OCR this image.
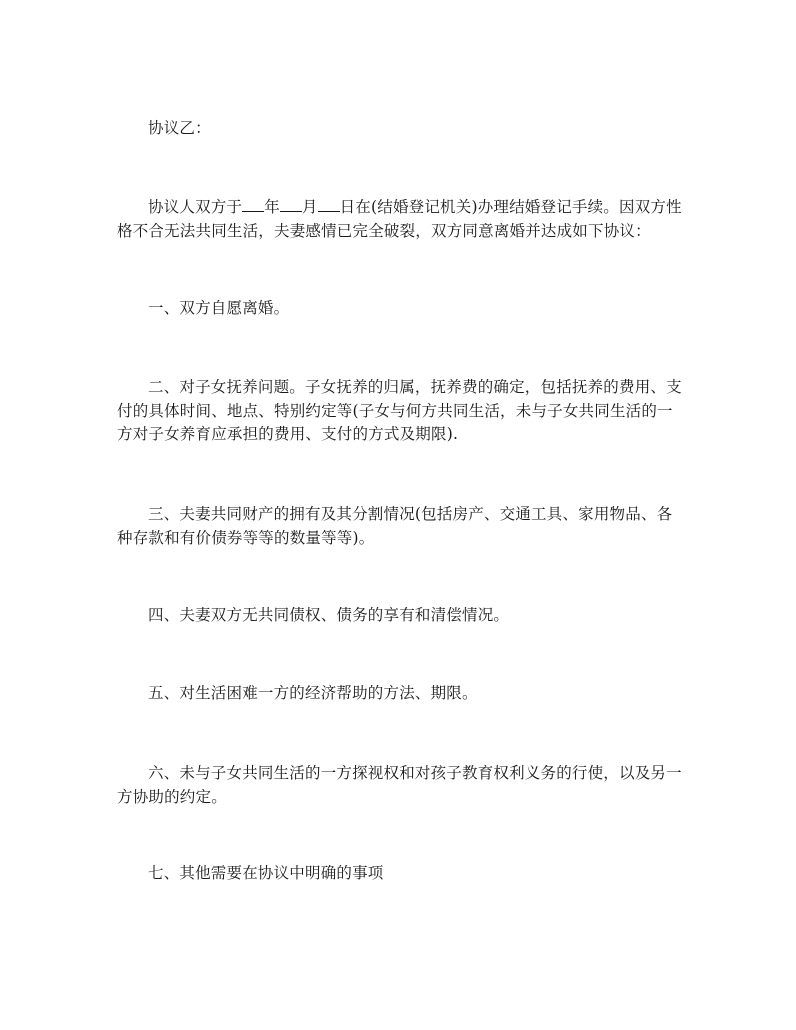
协议乙：

协议人双方于 年 月 日在(结婚登记机关)办理结婚登记手续。因双方性格不合无法共同生活，夫妻感情已完全破裂，双方同意离婚并达成如下协议：

一、双方自愿离婚。

二、对子女抚养问题。子女抚养的归属，抚养费的确定，包括抚养的费用、支付的具体时间、地点、特别约定等(子女与何方共同生活，未与子女共同生活的一方对子女养育应承担的费用、支付的方式及期限).

三、夫妻共同财产的拥有及其分割情况(包括房产、交通工具、家用物品、各种存款和有价债券等等的数量等等)。

四、夫妻双方无共同债权、债务的享有和清偿情况。

五、对生活困难一方的经济帮助的方法、期限。

六、未与子女共同生活的一方探视权和对孩子教育权利义务的行使，以及另一方协助的约定。

七、其他需要在协议中明确的事项
